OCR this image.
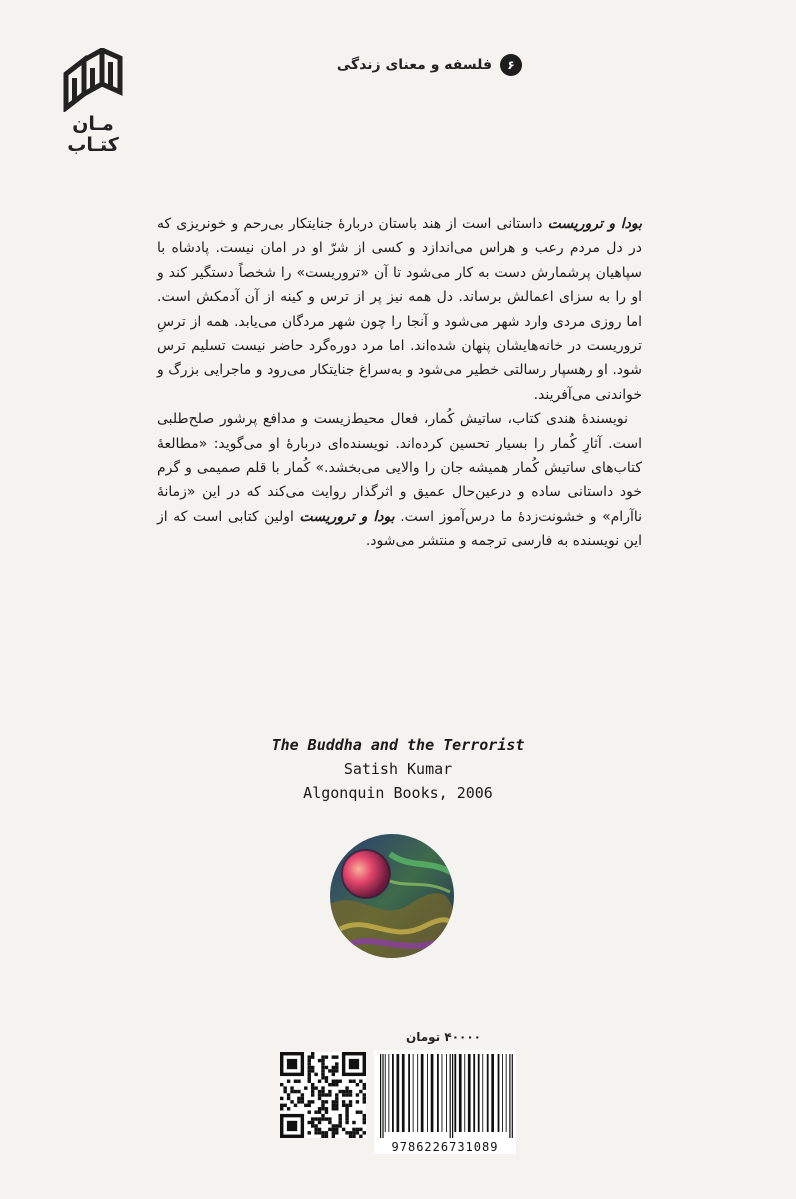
مـان
کتـاب
۶
فلسفه و معنای زندگی

بودا و تروریست داستانی است از هند باستان دربارۀ جنایتکار بی‌رحم و خونریزی که در دل مردم رعب و هراس می‌اندازد و کسی از شرّ او در امان نیست. پادشاه با سپاهیان پرشمارش دست به کار می‌شود تا آن «تروریست» را شخصاً دستگیر کند و او را به سزای اعمالش برساند. دل همه نیز پر از ترس و کینه از آن آدمکش است. اما روزی مردی وارد شهر می‌شود و آنجا را چون شهر مردگان می‌یابد. همه از ترسِ تروریست در خانه‌هایشان پنهان شده‌اند. اما مرد دوره‌گرد حاضر نیست تسلیم ترس شود. او رهسپار رسالتی خطیر می‌شود و به‌سراغ جنایتکار می‌رود و ماجرایی بزرگ و خواندنی می‌آفریند.

نویسندۀ هندی کتاب، ساتیش کُمار، فعال محیط‌زیست و مدافع پرشور صلح‌طلبی است. آثارِ کُمار را بسیار تحسین کرده‌اند. نویسنده‌ای دربارۀ او می‌گوید: «مطالعۀ کتاب‌های ساتیش کُمار همیشه جان را والایی می‌بخشد.» کُمار با قلم صمیمی و گرم خود داستانی ساده و درعین‌حال عمیق و اثرگذار روایت می‌کند که در این «زمانۀ ناآرام» و خشونت‌زدۀ ما درس‌آموز است. بودا و تروریست اولین کتابی است که از این نویسنده به فارسی ترجمه و منتشر می‌شود.

The Buddha and the Terrorist
Satish Kumar
Algonquin Books, 2006
۴۰۰۰۰ تومان
9786226731089
